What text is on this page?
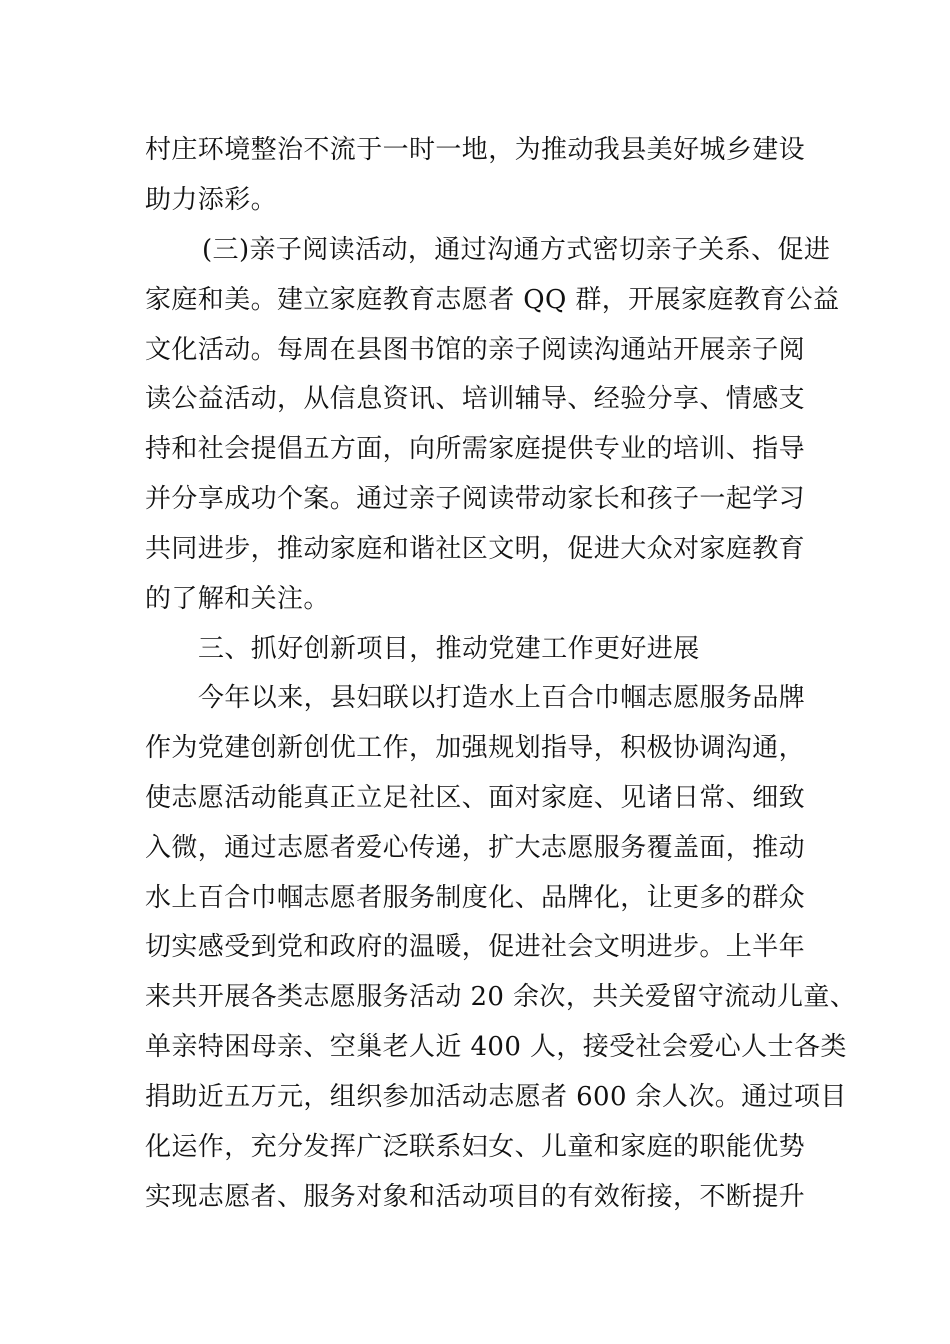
村庄环境整治不流于一时一地，为推动我县美好城乡建设
助力添彩。
(三)亲子阅读活动，通过沟通方式密切亲子关系、促进
家庭和美。建立家庭教育志愿者 QQ 群，开展家庭教育公益
文化活动。每周在县图书馆的亲子阅读沟通站开展亲子阅
读公益活动，从信息资讯、培训辅导、经验分享、情感支
持和社会提倡五方面，向所需家庭提供专业的培训、指导
并分享成功个案。通过亲子阅读带动家长和孩子一起学习
共同进步，推动家庭和谐社区文明，促进大众对家庭教育
的了解和关注。
三、抓好创新项目，推动党建工作更好进展
今年以来，县妇联以打造水上百合巾帼志愿服务品牌
作为党建创新创优工作，加强规划指导，积极协调沟通，
使志愿活动能真正立足社区、面对家庭、见诸日常、细致
入微，通过志愿者爱心传递，扩大志愿服务覆盖面，推动
水上百合巾帼志愿者服务制度化、品牌化，让更多的群众
切实感受到党和政府的温暖，促进社会文明进步。上半年
来共开展各类志愿服务活动 20 余次，共关爱留守流动儿童、
单亲特困母亲、空巢老人近 400 人，接受社会爱心人士各类
捐助近五万元，组织参加活动志愿者 600 余人次。通过项目
化运作，充分发挥广泛联系妇女、儿童和家庭的职能优势
实现志愿者、服务对象和活动项目的有效衔接，不断提升
